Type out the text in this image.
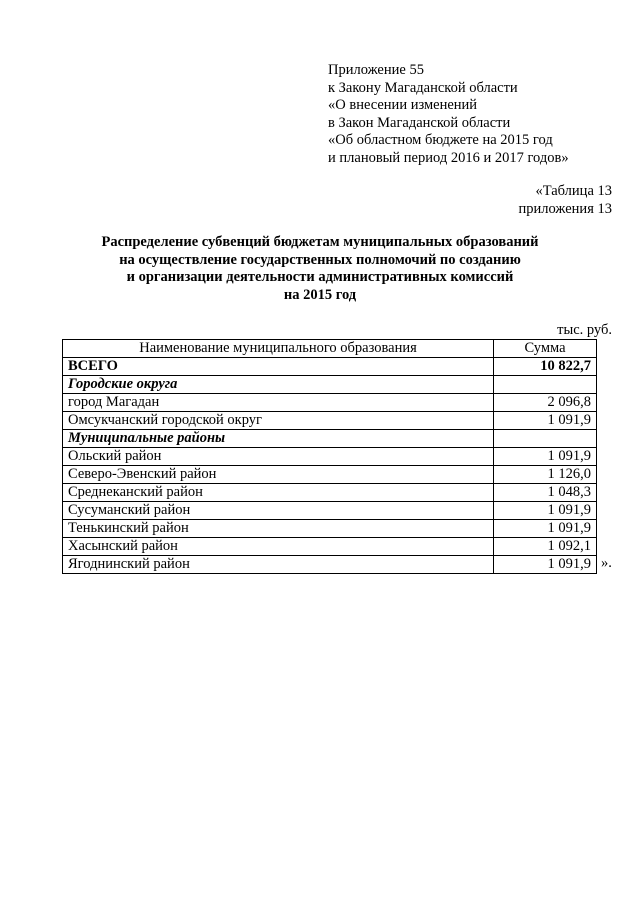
Приложение 55
к Закону Магаданской области
«О внесении изменений
в Закон Магаданской области
«Об областном бюджете на 2015 год
и плановый период 2016 и 2017 годов»
«Таблица 13
приложения 13
Распределение субвенций бюджетам муниципальных образований
на осуществление государственных полномочий по созданию
и организации деятельности административных комиссий
на 2015 год
тыс. руб.
Наименование муниципального образования	Сумма
ВСЕГО	10 822,7
Городские округа	
город Магадан	2 096,8
Омсукчанский городской округ	1 091,9
Муниципальные районы	
Ольский район	1 091,9
Северо-Эвенский район	1 126,0
Среднеканский район	1 048,3
Сусуманский район	1 091,9
Тенькинский район	1 091,9
Хасынский район	1 092,1
Ягоднинский район	1 091,9 ».
